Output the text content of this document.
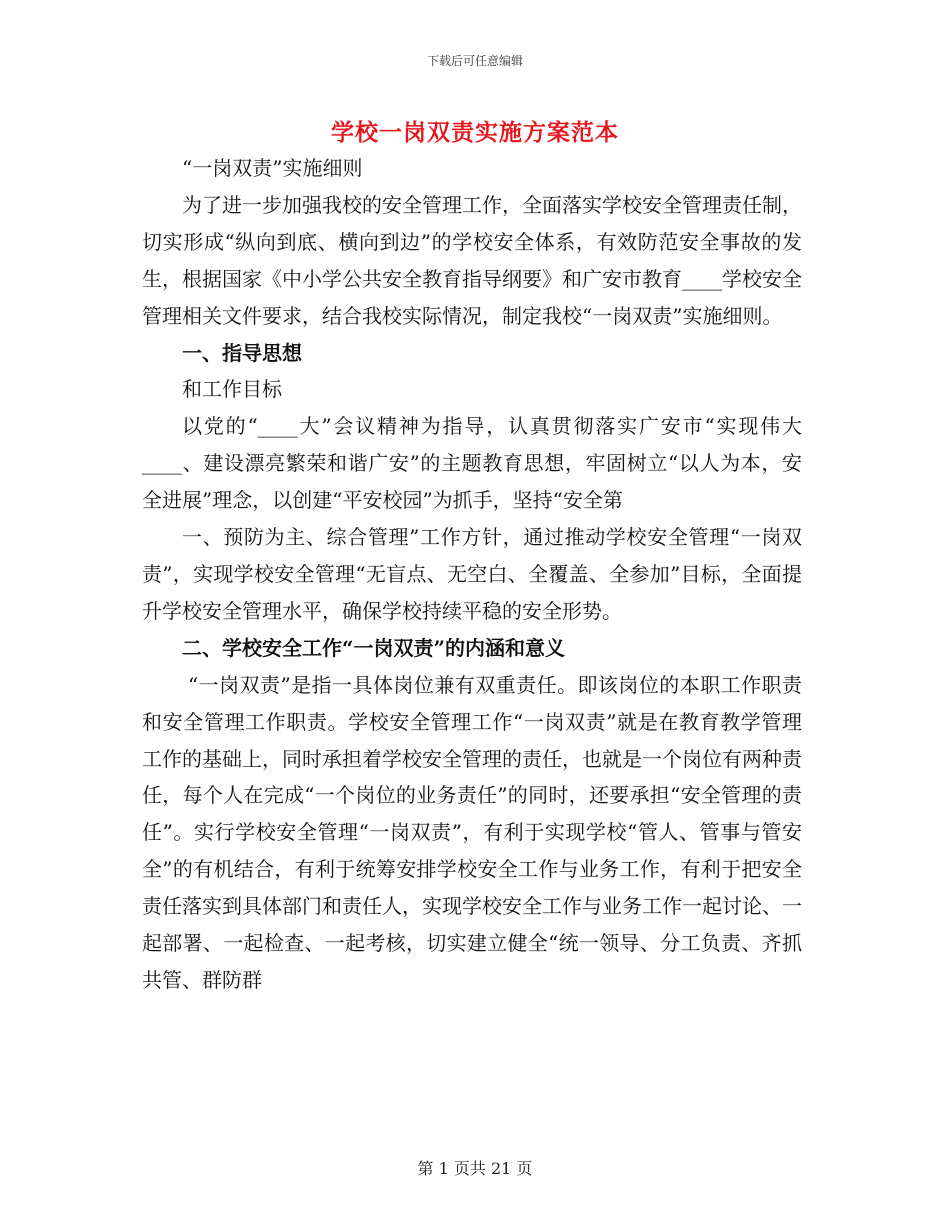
下载后可任意编辑
学校一岗双责实施方案范本

“一岗双责”实施细则

为了进一步加强我校的安全管理工作，全面落实学校安全管理责任制，切实形成“纵向到底、横向到边”的学校安全体系，有效防范安全事故的发生，根据国家《中小学公共安全教育指导纲要》和广安市教育____学校安全管理相关文件要求，结合我校实际情况，制定我校“一岗双责”实施细则。

一、指导思想

和工作目标

以党的“____大”会议精神为指导，认真贯彻落实广安市“实现伟大____、建设漂亮繁荣和谐广安”的主题教育思想，牢固树立“以人为本，安全进展”理念，以创建“平安校园”为抓手，坚持“安全第

一、预防为主、综合管理”工作方针，通过推动学校安全管理“一岗双责”，实现学校安全管理“无盲点、无空白、全覆盖、全参加”目标，全面提升学校安全管理水平，确保学校持续平稳的安全形势。

二、学校安全工作“一岗双责”的内涵和意义

“一岗双责”是指一具体岗位兼有双重责任。即该岗位的本职工作职责和安全管理工作职责。学校安全管理工作“一岗双责”就是在教育教学管理工作的基础上，同时承担着学校安全管理的责任，也就是一个岗位有两种责任，每个人在完成“一个岗位的业务责任”的同时，还要承担“安全管理的责任”。实行学校安全管理“一岗双责”，有利于实现学校“管人、管事与管安全”的有机结合，有利于统筹安排学校安全工作与业务工作，有利于把安全责任落实到具体部门和责任人，实现学校安全工作与业务工作一起讨论、一起部署、一起检查、一起考核，切实建立健全“统一领导、分工负责、齐抓共管、群防群

第 1 页共 21 页
